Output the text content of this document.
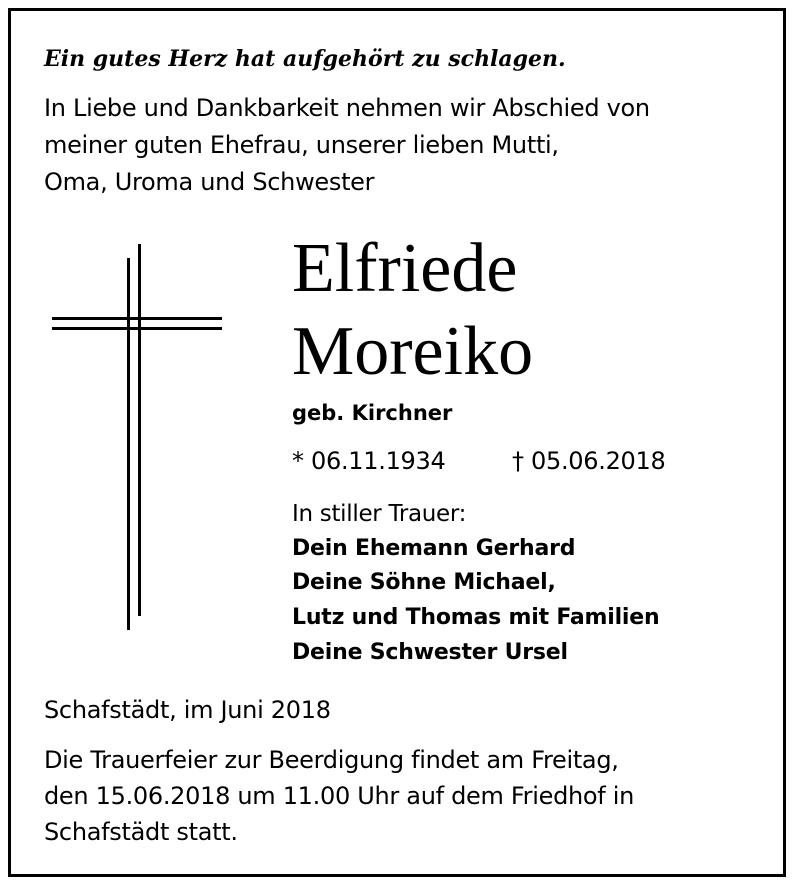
Ein gutes Herz hat aufgehört zu schlagen.
In Liebe und Dankbarkeit nehmen wir Abschied von
meiner guten Ehefrau, unserer lieben Mutti,
Oma, Uroma und Schwester
Elfriede
Moreiko
geb. Kirchner
* 06.11.1934	† 05.06.2018
In stiller Trauer:
Dein Ehemann Gerhard
Deine Söhne Michael,
Lutz und Thomas mit Familien
Deine Schwester Ursel
Schafstädt, im Juni 2018
Die Trauerfeier zur Beerdigung findet am Freitag,
den 15.06.2018 um 11.00 Uhr auf dem Friedhof in
Schafstädt statt.
